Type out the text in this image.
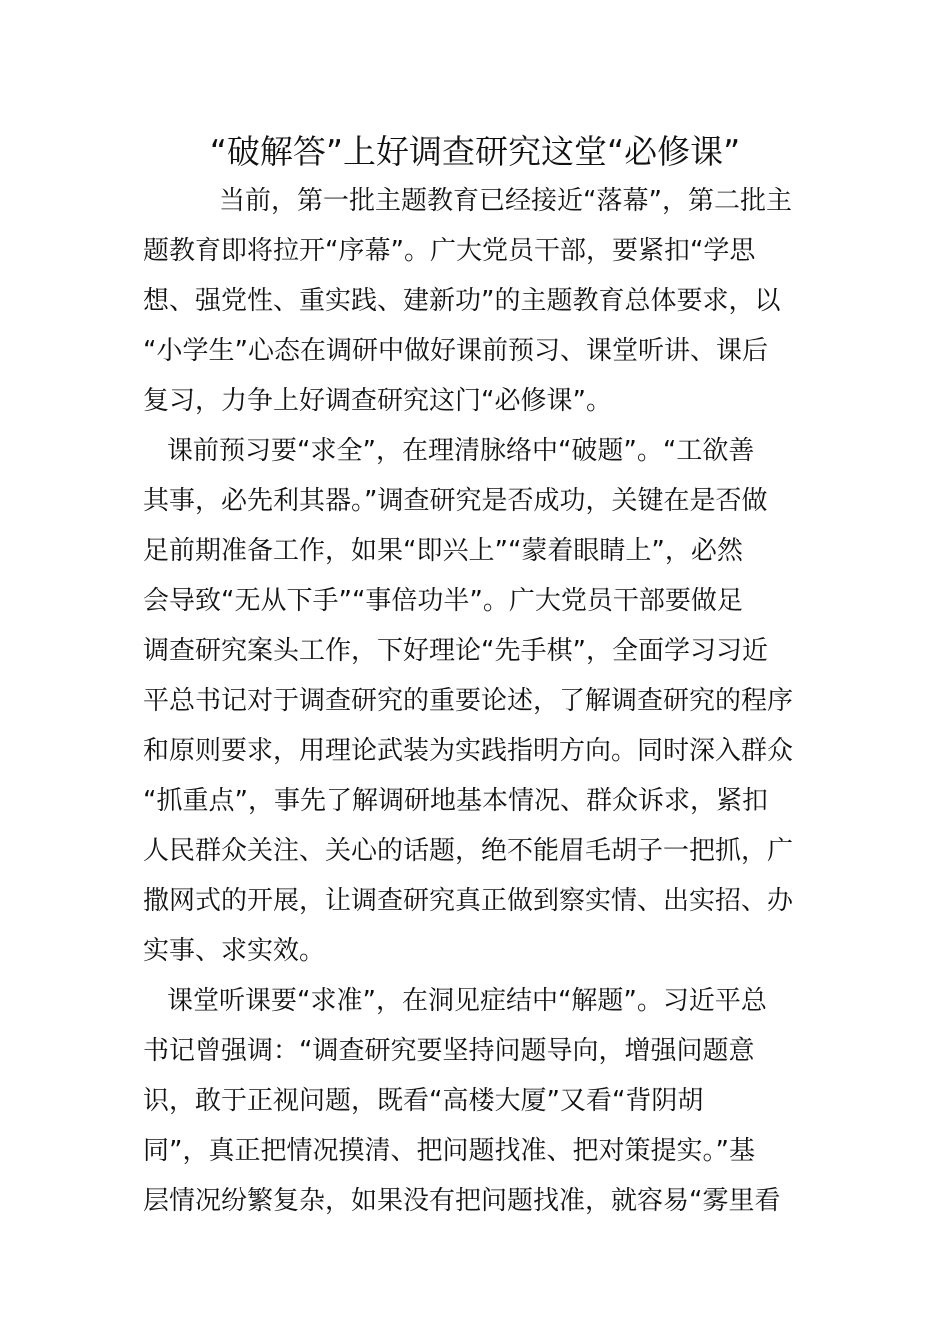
“破解答”上好调查研究这堂“必修课”
当前，第一批主题教育已经接近“落幕”，第二批主
题教育即将拉开“序幕”。广大党员干部，要紧扣“学思
想、强党性、重实践、建新功”的主题教育总体要求，以
“小学生”心态在调研中做好课前预习、课堂听讲、课后
复习，力争上好调查研究这门“必修课”。
课前预习要“求全”，在理清脉络中“破题”。“工欲善
其事，必先利其器。”调查研究是否成功，关键在是否做
足前期准备工作，如果“即兴上”“蒙着眼睛上”，必然
会导致“无从下手”“事倍功半”。广大党员干部要做足
调查研究案头工作，下好理论“先手棋”，全面学习习近
平总书记对于调查研究的重要论述，了解调查研究的程序
和原则要求，用理论武装为实践指明方向。同时深入群众
“抓重点”，事先了解调研地基本情况、群众诉求，紧扣
人民群众关注、关心的话题，绝不能眉毛胡子一把抓，广
撒网式的开展，让调查研究真正做到察实情、出实招、办
实事、求实效。
课堂听课要“求准”，在洞见症结中“解题”。习近平总
书记曾强调：“调查研究要坚持问题导向，增强问题意
识，敢于正视问题，既看“高楼大厦”又看“背阴胡
同”，真正把情况摸清、把问题找准、把对策提实。”基
层情况纷繁复杂，如果没有把问题找准，就容易“雾里看
